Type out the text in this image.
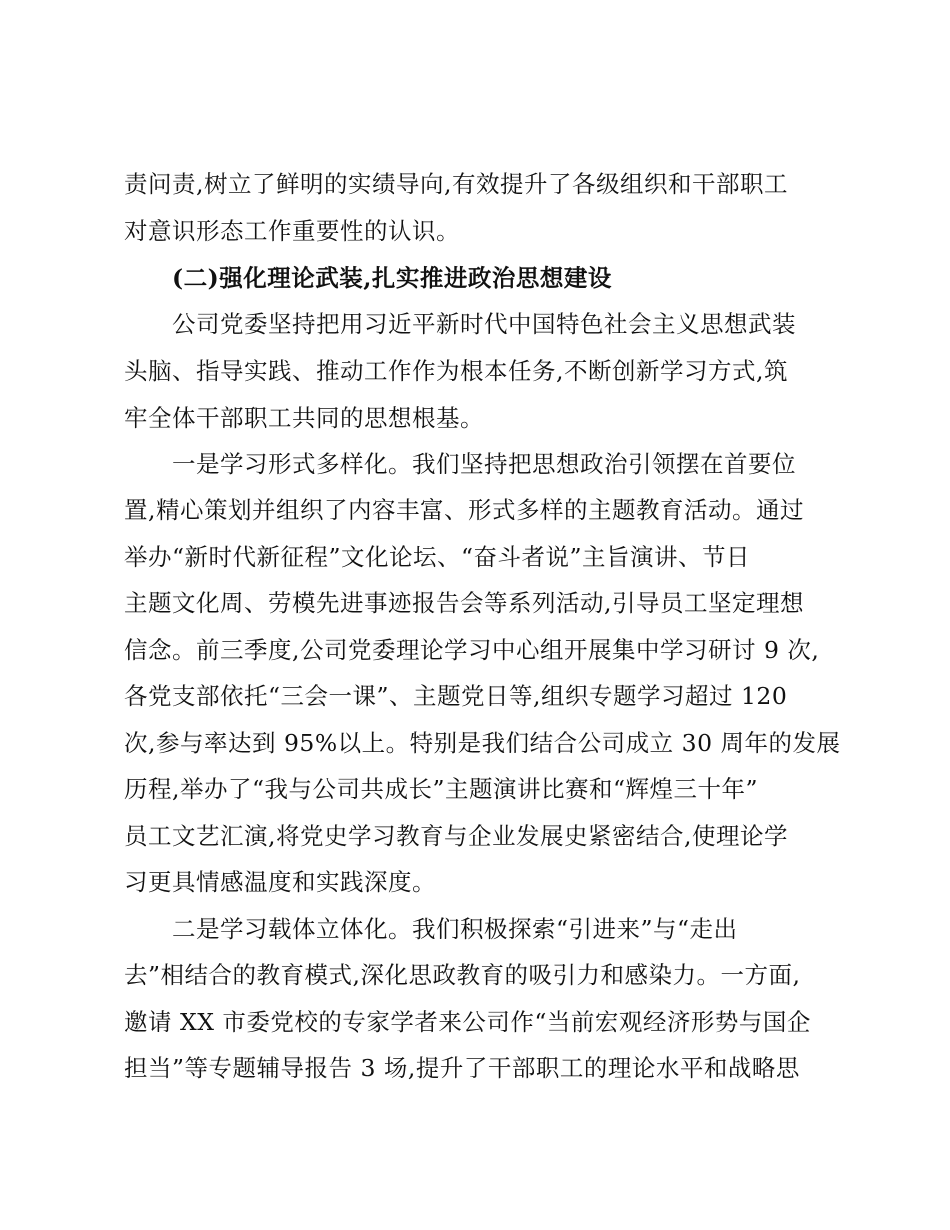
责问责,树立了鲜明的实绩导向,有效提升了各级组织和干部职工
对意识形态工作重要性的认识。
(二)强化理论武装,扎实推进政治思想建设
公司党委坚持把用习近平新时代中国特色社会主义思想武装
头脑、指导实践、推动工作作为根本任务,不断创新学习方式,筑
牢全体干部职工共同的思想根基。
一是学习形式多样化。我们坚持把思想政治引领摆在首要位
置,精心策划并组织了内容丰富、形式多样的主题教育活动。通过
举办“新时代新征程”文化论坛、“奋斗者说”主旨演讲、节日
主题文化周、劳模先进事迹报告会等系列活动,引导员工坚定理想
信念。前三季度,公司党委理论学习中心组开展集中学习研讨 9 次,
各党支部依托“三会一课”、主题党日等,组织专题学习超过 120
次,参与率达到 95%以上。特别是我们结合公司成立 30 周年的发展
历程,举办了“我与公司共成长”主题演讲比赛和“辉煌三十年”
员工文艺汇演,将党史学习教育与企业发展史紧密结合,使理论学
习更具情感温度和实践深度。
二是学习载体立体化。我们积极探索“引进来”与“走出
去”相结合的教育模式,深化思政教育的吸引力和感染力。一方面,
邀请 XX 市委党校的专家学者来公司作“当前宏观经济形势与国企
担当”等专题辅导报告 3 场,提升了干部职工的理论水平和战略思
